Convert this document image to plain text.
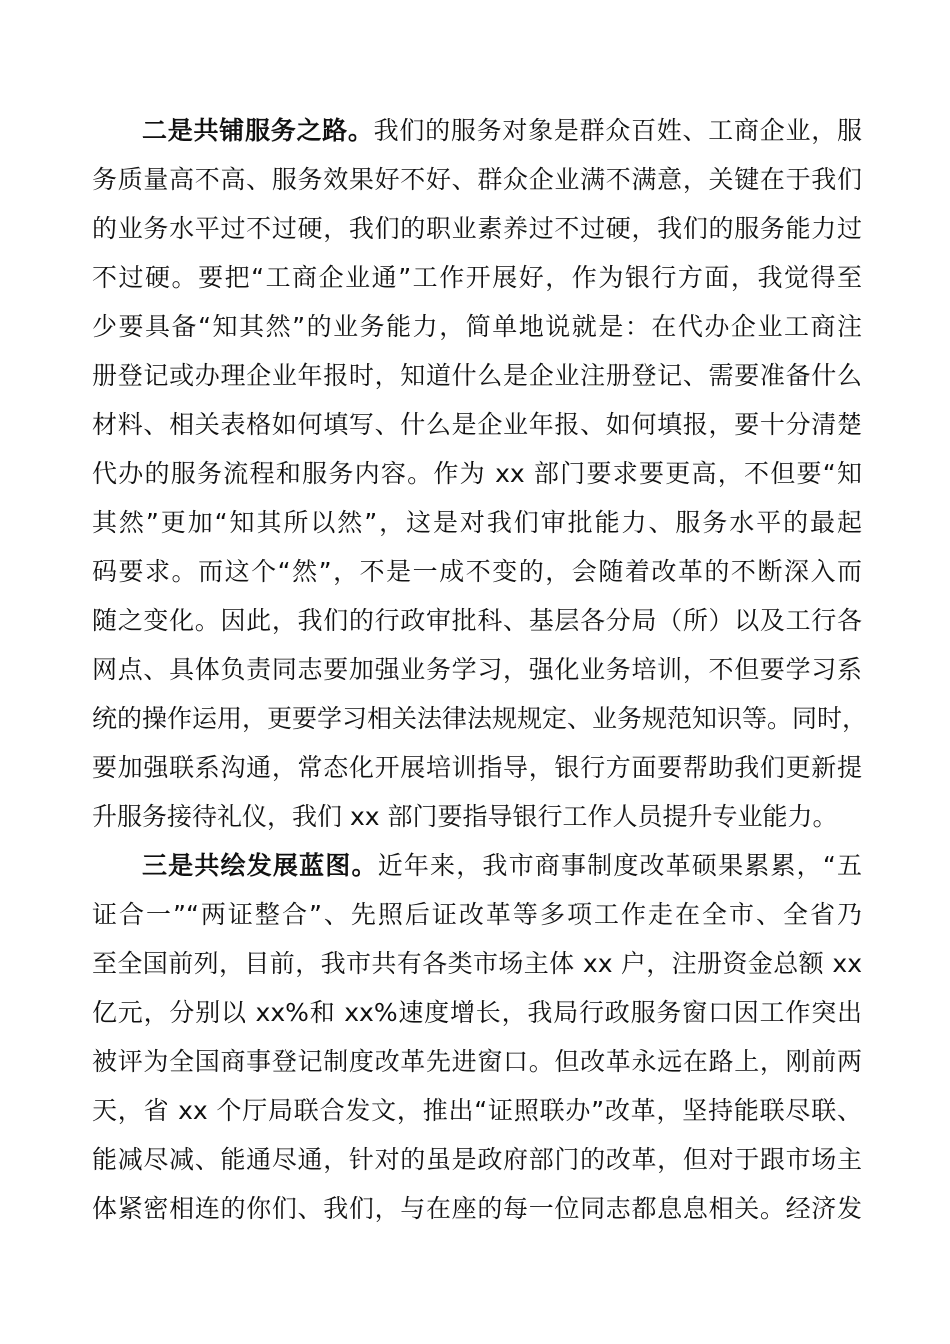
二是共铺服务之路。我们的服务对象是群众百姓、工商企业，服
务质量高不高、服务效果好不好、群众企业满不满意，关键在于我们
的业务水平过不过硬，我们的职业素养过不过硬，我们的服务能力过
不过硬。要把“工商企业通”工作开展好，作为银行方面，我觉得至
少要具备“知其然”的业务能力，简单地说就是：在代办企业工商注
册登记或办理企业年报时，知道什么是企业注册登记、需要准备什么
材料、相关表格如何填写、什么是企业年报、如何填报，要十分清楚
代办的服务流程和服务内容。作为 xx 部门要求要更高，不但要“知
其然”更加“知其所以然”，这是对我们审批能力、服务水平的最起
码要求。而这个“然”，不是一成不变的，会随着改革的不断深入而
随之变化。因此，我们的行政审批科、基层各分局（所）以及工行各
网点、具体负责同志要加强业务学习，强化业务培训，不但要学习系
统的操作运用，更要学习相关法律法规规定、业务规范知识等。同时，
要加强联系沟通，常态化开展培训指导，银行方面要帮助我们更新提
升服务接待礼仪，我们 xx 部门要指导银行工作人员提升专业能力。
三是共绘发展蓝图。近年来，我市商事制度改革硕果累累，“五
证合一”“两证整合”、先照后证改革等多项工作走在全市、全省乃
至全国前列，目前，我市共有各类市场主体 xx 户，注册资金总额 xx
亿元，分别以 xx%和 xx%速度增长，我局行政服务窗口因工作突出
被评为全国商事登记制度改革先进窗口。但改革永远在路上，刚前两
天，省 xx 个厅局联合发文，推出“证照联办”改革，坚持能联尽联、
能减尽减、能通尽通，针对的虽是政府部门的改革，但对于跟市场主
体紧密相连的你们、我们，与在座的每一位同志都息息相关。经济发
